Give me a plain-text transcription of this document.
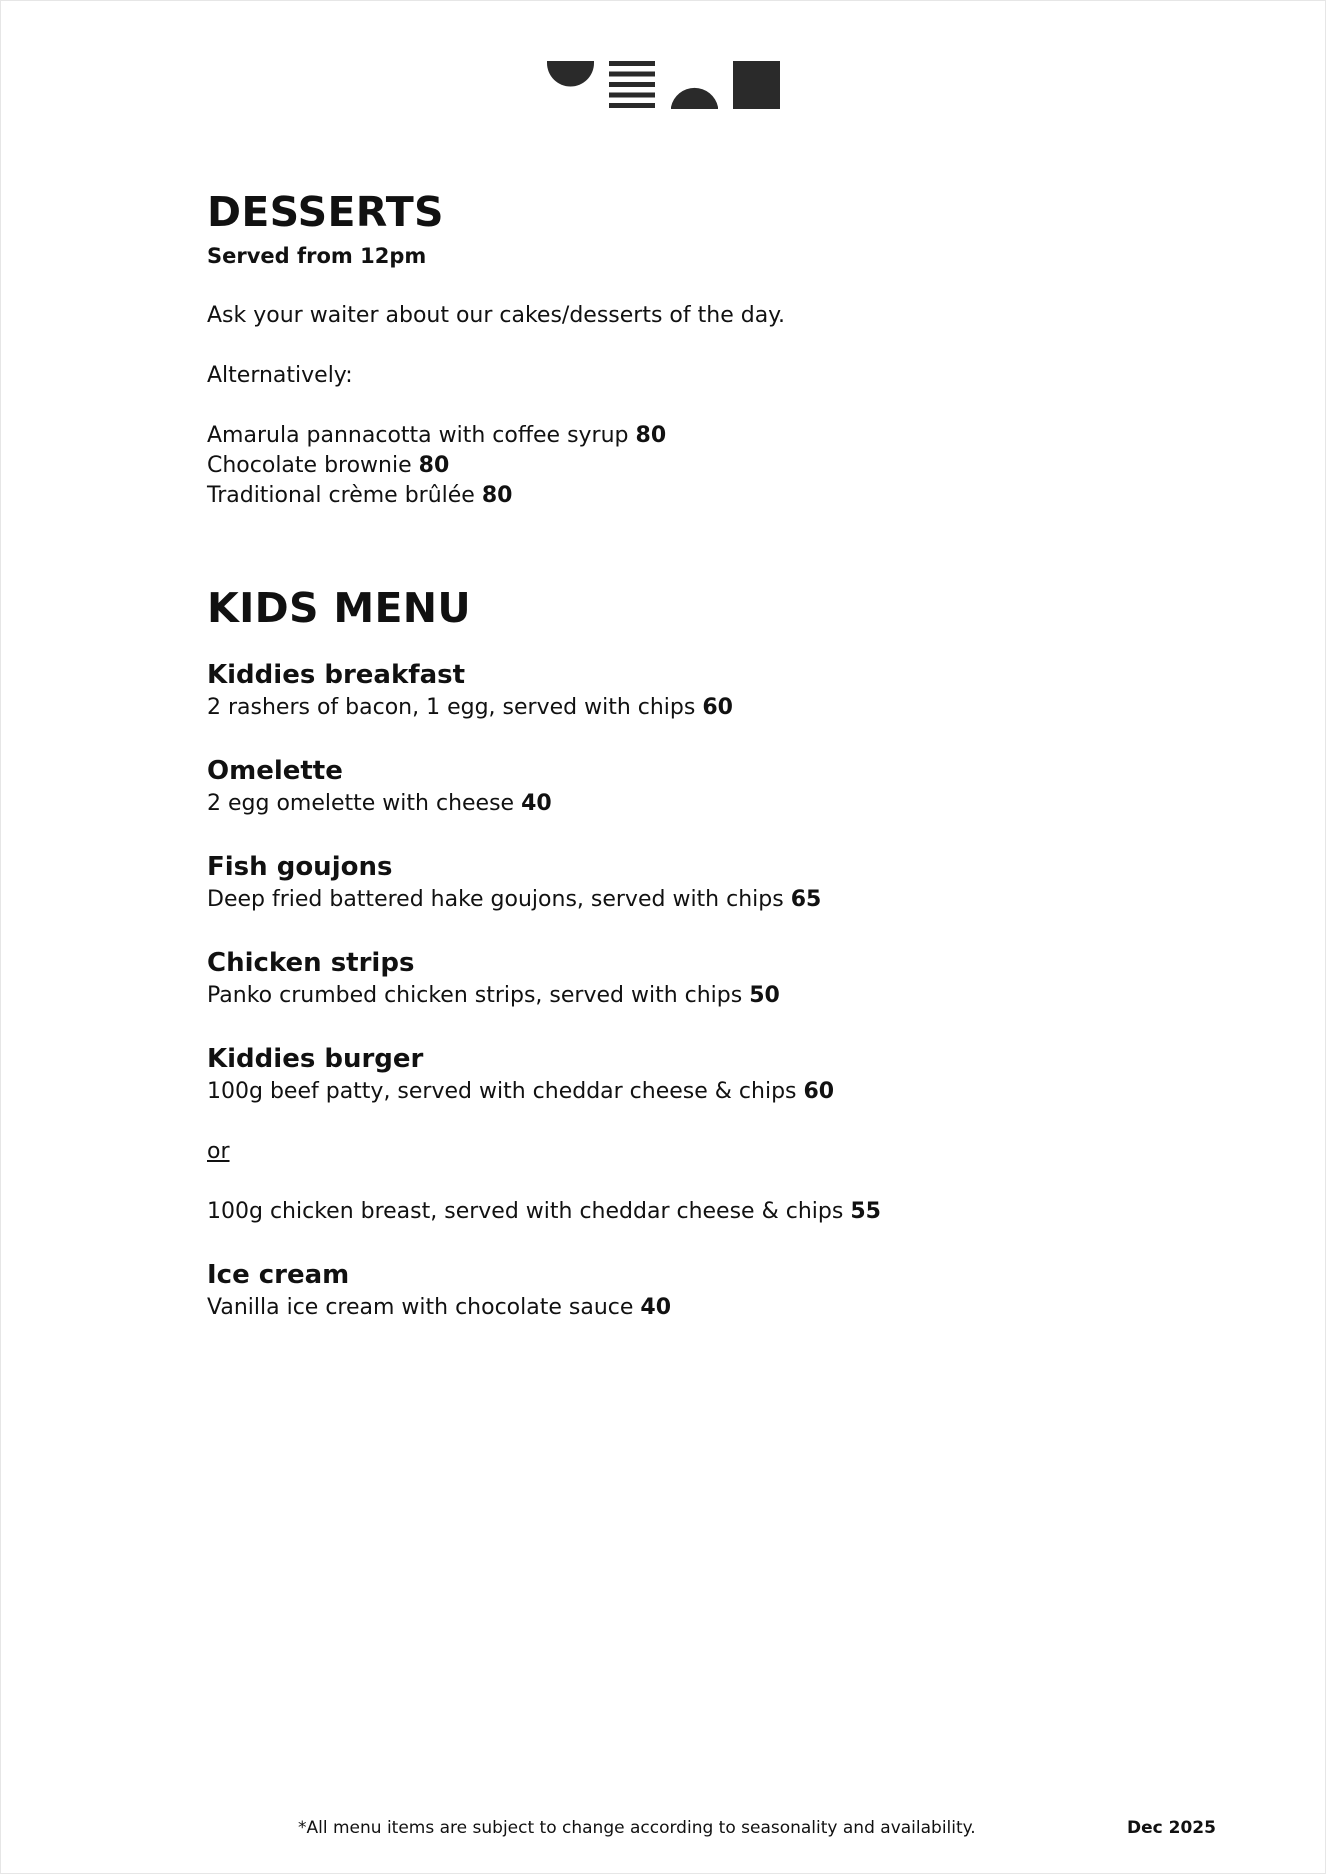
DESSERTS

Served from 12pm

Ask your waiter about our cakes/desserts of the day.

Alternatively:

Amarula pannacotta with coffee syrup 80

Chocolate brownie 80

Traditional crème brûlée 80

KIDS MENU

Kiddies breakfast

2 rashers of bacon, 1 egg, served with chips 60

Omelette

2 egg omelette with cheese 40

Fish goujons

Deep fried battered hake goujons, served with chips 65

Chicken strips

Panko crumbed chicken strips, served with chips 50

Kiddies burger

100g beef patty, served with cheddar cheese & chips 60

or

100g chicken breast, served with cheddar cheese & chips 55

Ice cream

Vanilla ice cream with chocolate sauce 40

*All menu items are subject to change according to seasonality and availability.	Dec 2025
